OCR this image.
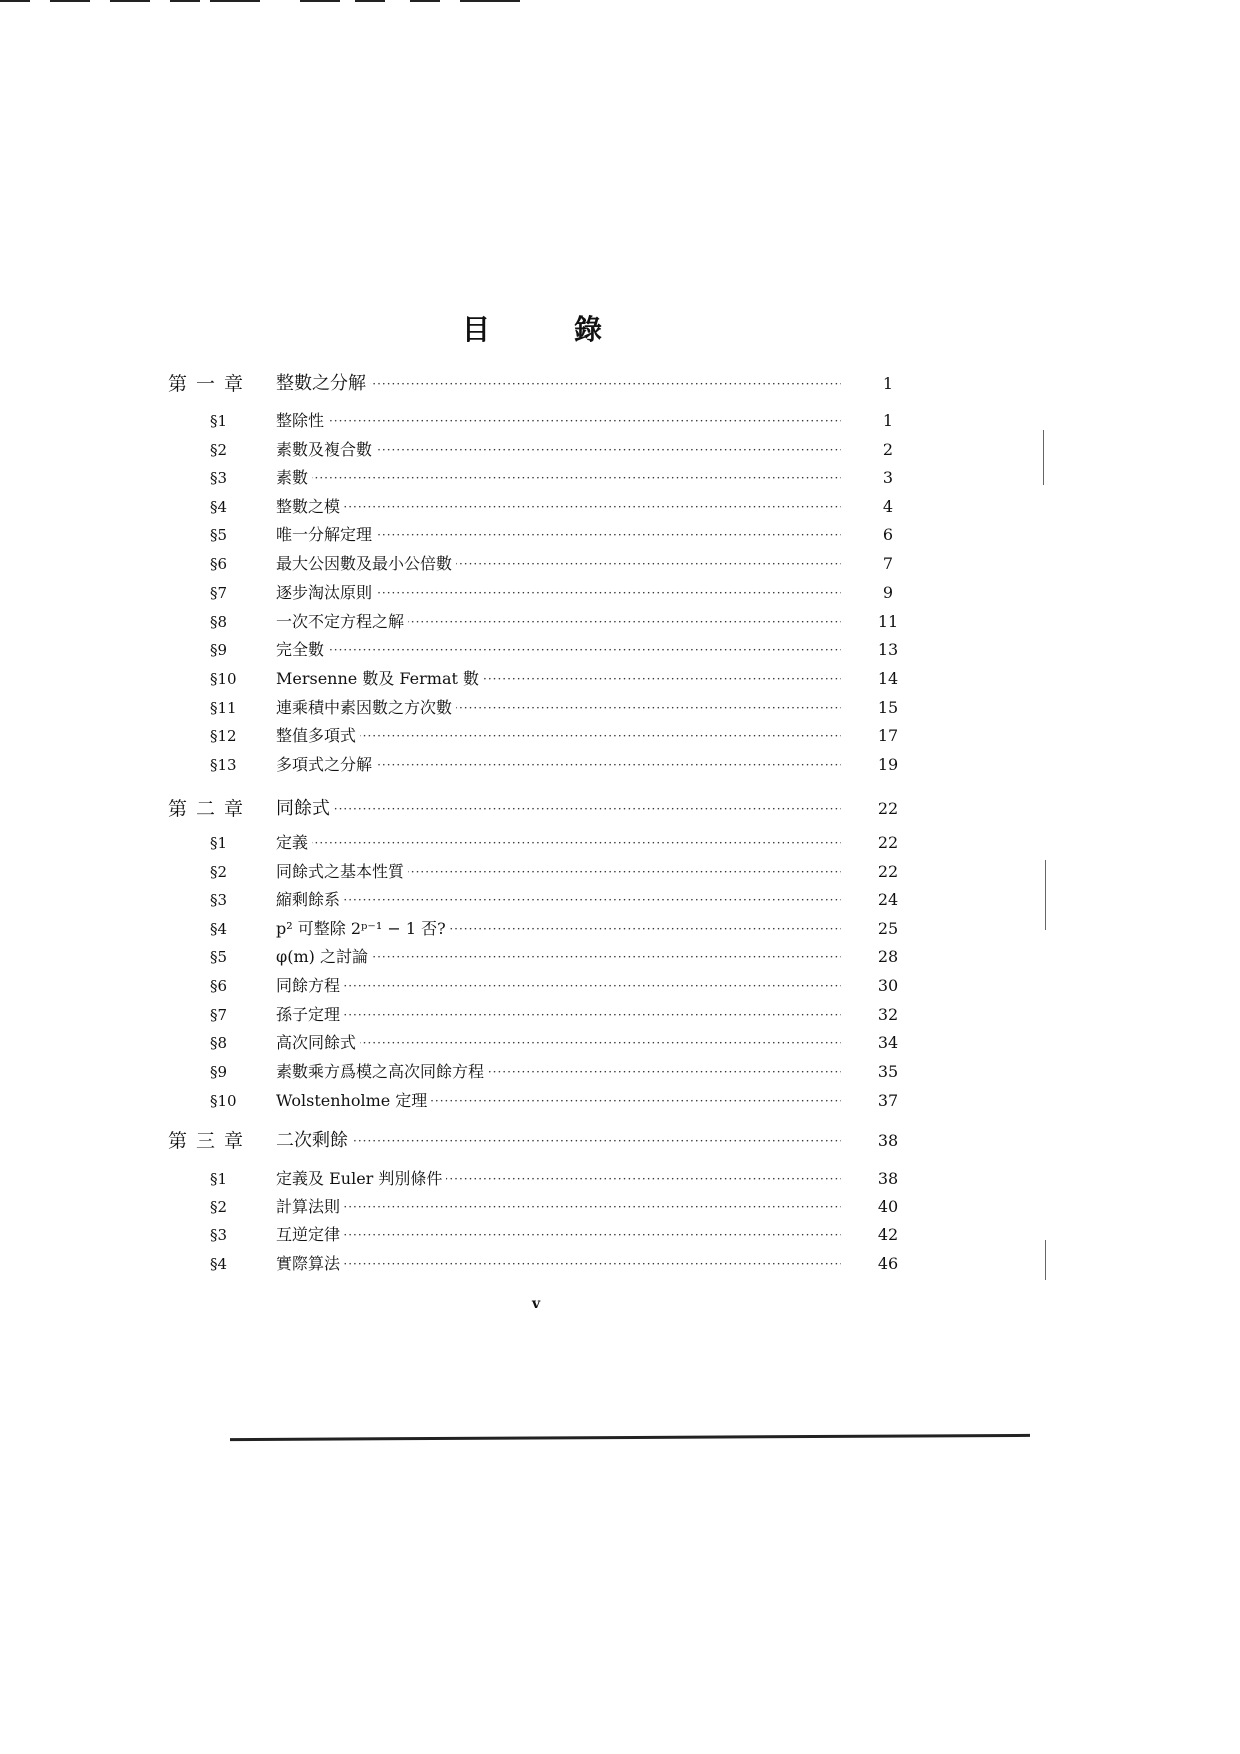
目	錄
·····
第一章	整數之分解	1
·····
§1	整除性	1
·····
§2	素數及複合數	2
·····
§3	素數	3
·····
§4	整數之模	4
·····
§5	唯一分解定理	6
·····
§6	最大公因數及最小公倍數	7
·····
§7	逐步淘汰原則	9
·····
§8	一次不定方程之解	11
·····
§9	完全數	13
·····
§10	Mersenne 數及 Fermat 數	14
·····
§11	連乘積中素因數之方次數	15
·····
§12	整值多項式	17
·····
§13	多項式之分解	19
·····
第二章	同餘式	22
·····
§1	定義	22
·····
§2	同餘式之基本性質	22
·····
§3	縮剩餘系	24
·····
§4	p² 可整除 2ᵖ⁻¹ − 1 否?	25
·····
§5	φ(m) 之討論	28
·····
§6	同餘方程	30
·····
§7	孫子定理	32
·····
§8	高次同餘式	34
·····
§9	素數乘方爲模之高次同餘方程	35
·····
§10	Wolstenholme 定理	37
·····
第三章	二次剩餘	38
·····
§1	定義及 Euler 判別條件	38
·····
§2	計算法則	40
·····
§3	互逆定律	42
·····
§4	實際算法	46
v
